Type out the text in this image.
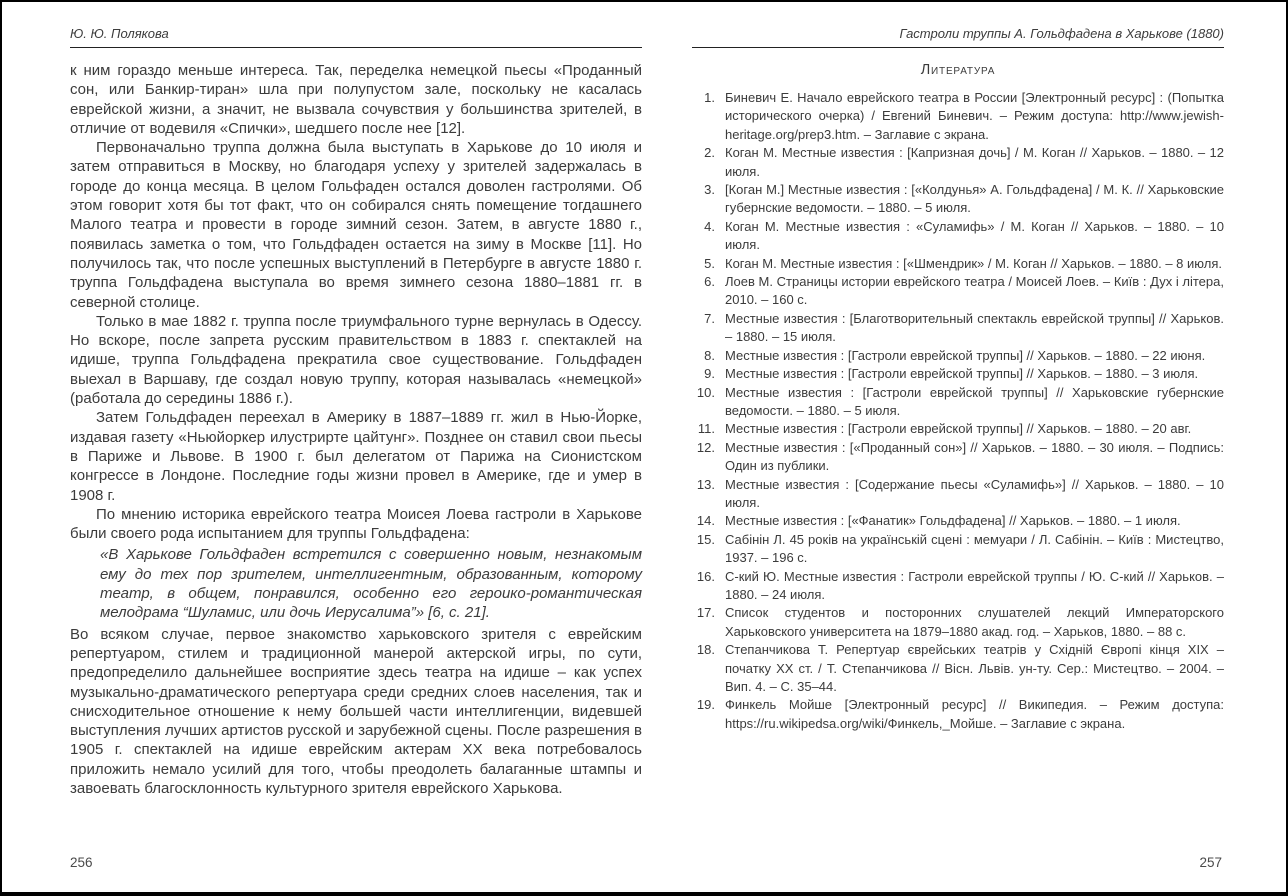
Ю. Ю. Полякова

к ним гораздо меньше интереса. Так, переделка немецкой пьесы «Проданный сон, или Банкир-тиран» шла при полупустом зале, поскольку не касалась еврейской жизни, а значит, не вызвала сочувствия у большинства зрителей, в отличие от водевиля «Спички», шедшего после нее [12].

Первоначально труппа должна была выступать в Харькове до 10 июля и затем отправиться в Москву, но благодаря успеху у зрителей задержалась в городе до конца месяца. В целом Гольфаден остался доволен гастролями. Об этом говорит хотя бы тот факт, что он собирался снять помещение тогдашнего Малого театра и провести в городе зимний сезон. Затем, в августе 1880 г., появилась заметка о том, что Гольдфаден остается на зиму в Москве [11]. Но получилось так, что после успешных выступлений в Петербурге в августе 1880 г. труппа Гольдфадена выступала во время зимнего сезона 1880–1881 гг. в северной столице.

Только в мае 1882 г. труппа после триумфального турне вернулась в Одессу. Но вскоре, после запрета русским правительством в 1883 г. спектаклей на идише, труппа Гольдфадена прекратила свое существование. Гольдфаден выехал в Варшаву, где создал новую труппу, которая называлась «немецкой» (работала до середины 1886 г.).

Затем Гольдфаден переехал в Америку в 1887–1889 гг. жил в Нью-Йорке, издавая газету «Ньюйоркер илустрирте цайтунг». Позднее он ставил свои пьесы в Париже и Львове. В 1900 г. был делегатом от Парижа на Сионистском конгрессе в Лондоне. Последние годы жизни провел в Америке, где и умер в 1908 г.

По мнению историка еврейского театра Моисея Лоева гастроли в Харькове были своего рода испытанием для труппы Гольдфадена:

«В Харькове Гольдфаден встретился с совершенно новым, незнакомым ему до тех пор зрителем, интеллигентным, образованным, которому театр, в общем, понравился, особенно его героико-романтическая мелодрама “Шуламис, или дочь Иерусалима”» [6, с. 21].

Во всяком случае, первое знакомство харьковского зрителя с еврейским репертуаром, стилем и традиционной манерой актерской игры, по сути, предопределило дальнейшее восприятие здесь театра на идише – как успех музыкально-драматического репертуара среди средних слоев населения, так и снисходительное отношение к нему большей части интеллигенции, видевшей выступления лучших артистов русской и зарубежной сцены. После разрешения в 1905 г. спектаклей на идише еврейским актерам ХХ века потребовалось приложить немало усилий для того, чтобы преодолеть балаганные штампы и завоевать благосклонность культурного зрителя еврейского Харькова.

Гастроли труппы А. Гольдфадена в Харькове (1880)
Литература
1. Биневич Е. Начало еврейского театра в России [Электронный ресурс] : (Попытка исторического очерка) / Евгений Биневич. – Режим доступа: http://www.jewish-heritage.org/prep3.htm. – Заглавие с экрана.
2. Коган М. Местные известия : [Капризная дочь] / М. Коган // Харьков. – 1880. – 12 июля.
3. [Коган М.] Местные известия : [«Колдунья» А. Гольдфадена] / М. К. // Харьковские губернские ведомости. – 1880. – 5 июля.
4. Коган М. Местные известия : «Суламифь» / М. Коган // Харьков. – 1880. – 10 июля.
5. Коган М. Местные известия : [«Шмендрик» / М. Коган // Харьков. – 1880. – 8 июля.
6. Лоев М. Страницы истории еврейского театра / Моисей Лоев. – Київ : Дух і літера, 2010. – 160 с.
7. Местные известия : [Благотворительный спектакль еврейской труппы] // Харьков. – 1880. – 15 июля.
8. Местные известия : [Гастроли еврейской труппы] // Харьков. – 1880. – 22 июня.
9. Местные известия : [Гастроли еврейской труппы] // Харьков. – 1880. – 3 июля.
10. Местные известия : [Гастроли еврейской труппы] // Харьковские губернские ведомости. – 1880. – 5 июля.
11. Местные известия : [Гастроли еврейской труппы] // Харьков. – 1880. – 20 авг.
12. Местные известия : [«Проданный сон»] // Харьков. – 1880. – 30 июля. – Подпись: Один из публики.
13. Местные известия : [Содержание пьесы «Суламифь»] // Харьков. – 1880. – 10 июля.
14. Местные известия : [«Фанатик» Гольдфадена] // Харьков. – 1880. – 1 июля.
15. Сабінін Л. 45 років на українській сцені : мемуари / Л. Сабінін. – Київ : Мистецтво, 1937. – 196 с.
16. С-кий Ю. Местные известия : Гастроли еврейской труппы / Ю. С-кий // Харьков. – 1880. – 24 июля.
17. Список студентов и посторонних слушателей лекций Императорского Харьковского университета на 1879–1880 акад. год. – Харьков, 1880. – 88 с.
18. Степанчикова Т. Репертуар єврейських театрів у Східній Європі кінця XIX – початку XX ст. / Т. Степанчикова // Вісн. Львів. ун-ту. Сер.: Мистецтво. – 2004. – Вип. 4. – С. 35–44.
19. Финкель Мойше [Электронный ресурс] // Википедия. – Режим доступа: https://ru.wikipedsa.org/wiki/Финкель,_Мойше. – Заглавие с экрана.
256	257
